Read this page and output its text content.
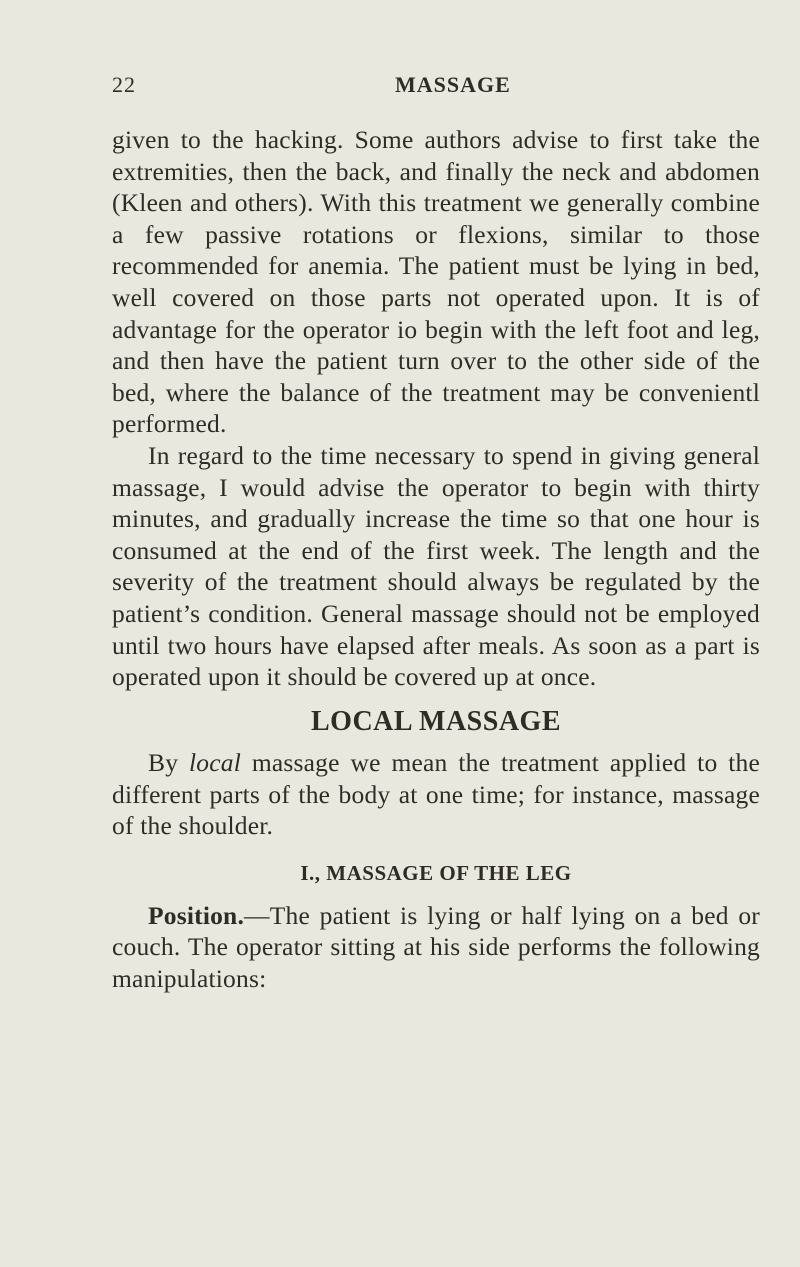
22	MASSAGE

given to the hacking. Some authors advise to first take the extremities, then the back, and finally the neck and abdomen (Kleen and others). With this treatment we generally combine a few passive rotations or flexions, similar to those recommended for anemia. The patient must be lying in bed, well covered on those parts not operated upon. It is of advantage for the operator io begin with the left foot and leg, and then have the patient turn over to the other side of the bed, where the balance of the treatment may be convenientl performed.

In regard to the time necessary to spend in giving general massage, I would advise the operator to begin with thirty minutes, and gradually increase the time so that one hour is consumed at the end of the first week. The length and the severity of the treatment should always be regulated by the patient’s condition. General massage should not be employed until two hours have elapsed after meals. As soon as a part is operated upon it should be covered up at once.

LOCAL MASSAGE

By local massage we mean the treatment applied to the different parts of the body at one time; for instance, massage of the shoulder.

I., MASSAGE OF THE LEG

Position.—The patient is lying or half lying on a bed or couch. The operator sitting at his side performs the following manipulations:
